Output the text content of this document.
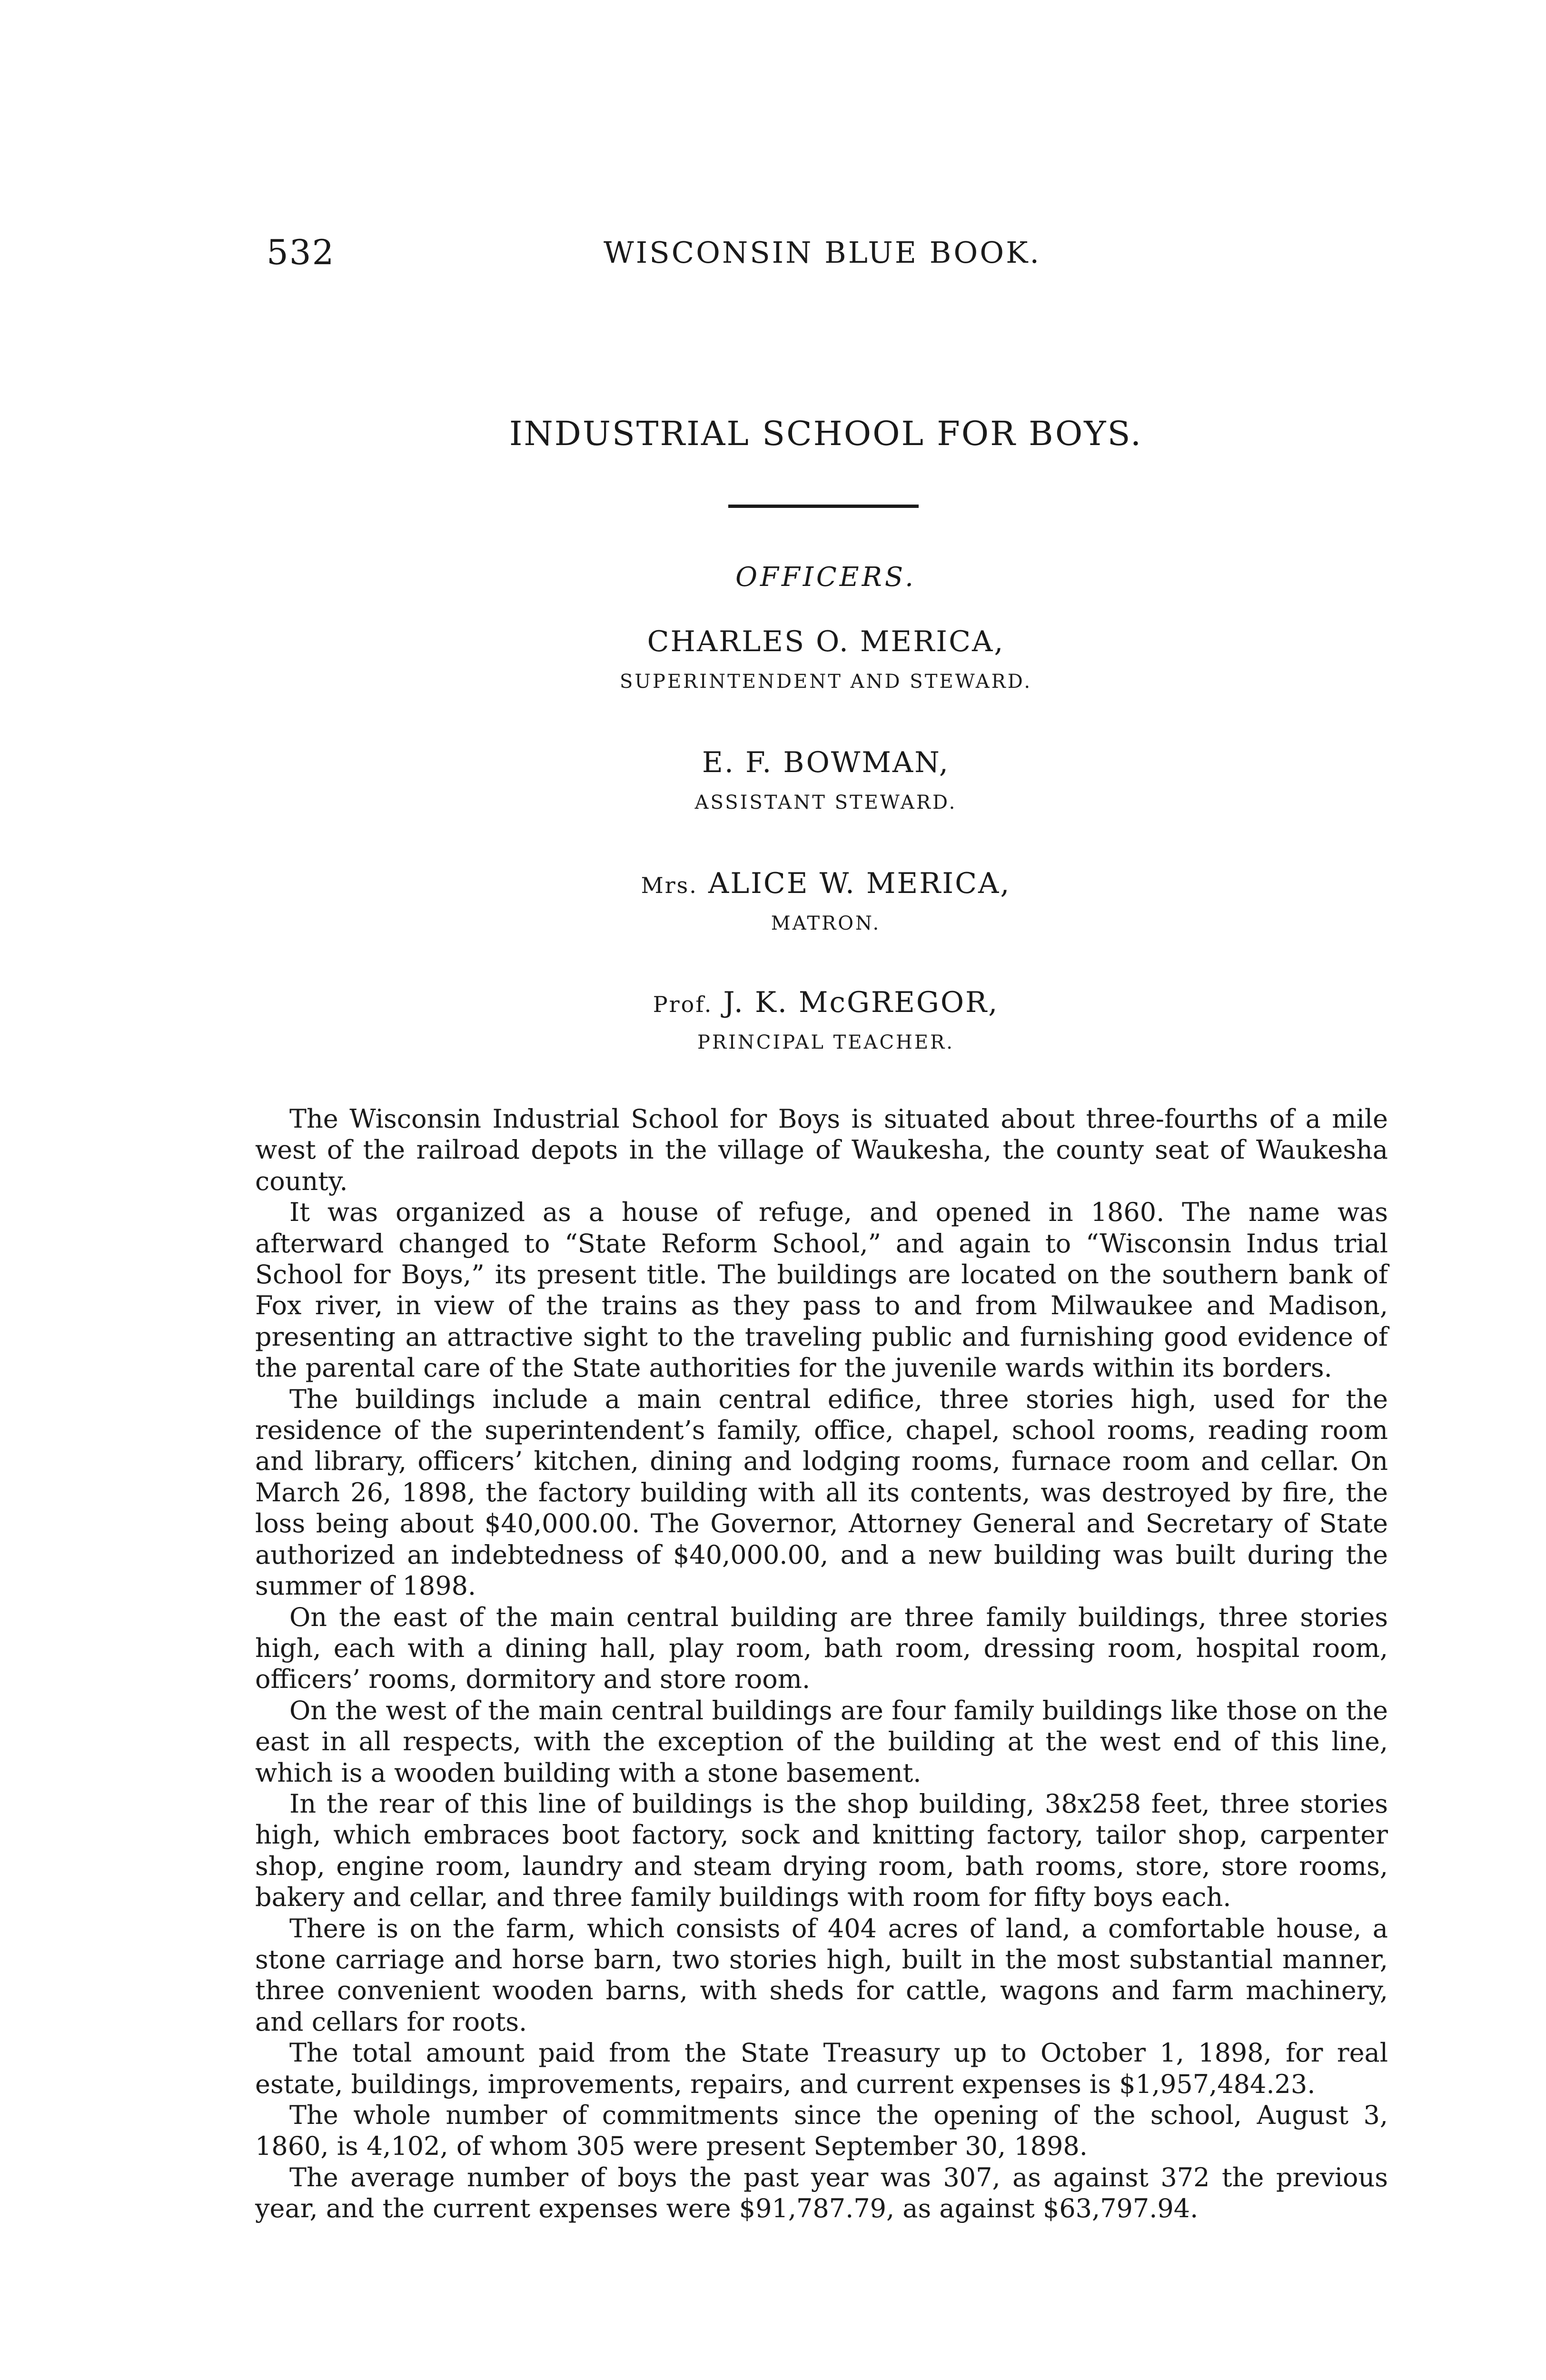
532	WISCONSIN BLUE BOOK.
INDUSTRIAL SCHOOL FOR BOYS.
OFFICERS.
CHARLES O. MERICA,
SUPERINTENDENT AND STEWARD.
E. F. BOWMAN,
ASSISTANT STEWARD.
Mrs. ALICE W. MERICA,
MATRON.
Prof. J. K. McGREGOR,
PRINCIPAL TEACHER.

The Wisconsin Industrial School for Boys is situated about three-fourths of a mile west of the railroad depots in the village of Waukesha, the county seat of Waukesha county.

It was organized as a house of refuge, and opened in 1860. The name was afterward changed to “State Reform School,” and again to “Wisconsin Indus trial School for Boys,” its present title. The buildings are located on the southern bank of Fox river, in view of the trains as they pass to and from Milwaukee and Madison, presenting an attractive sight to the traveling public and furnishing good evidence of the parental care of the State authorities for the juvenile wards within its borders.

The buildings include a main central edifice, three stories high, used for the residence of the superintendent’s family, office, chapel, school rooms, reading room and library, officers’ kitchen, dining and lodging rooms, furnace room and cellar. On March 26, 1898, the factory building with all its contents, was destroyed by fire, the loss being about $40,000.00. The Governor, Attorney General and Secretary of State authorized an indebtedness of $40,000.00, and a new building was built during the summer of 1898.

On the east of the main central building are three family buildings, three stories high, each with a dining hall, play room, bath room, dressing room, hospital room, officers’ rooms, dormitory and store room.

On the west of the main central buildings are four family buildings like those on the east in all respects, with the exception of the building at the west end of this line, which is a wooden building with a stone basement.

In the rear of this line of buildings is the shop building, 38x258 feet, three stories high, which embraces boot factory, sock and knitting factory, tailor shop, carpenter shop, engine room, laundry and steam drying room, bath rooms, store, store rooms, bakery and cellar, and three family buildings with room for fifty boys each.

There is on the farm, which consists of 404 acres of land, a comfortable house, a stone carriage and horse barn, two stories high, built in the most substantial manner, three convenient wooden barns, with sheds for cattle, wagons and farm machinery, and cellars for roots.

The total amount paid from the State Treasury up to October 1, 1898, for real estate, buildings, improvements, repairs, and current expenses is $1,957,484.23.

The whole number of commitments since the opening of the school, August 3, 1860, is 4,102, of whom 305 were present September 30, 1898.

The average number of boys the past year was 307, as against 372 the previous year, and the current expenses were $91,787.79, as against $63,797.94.
